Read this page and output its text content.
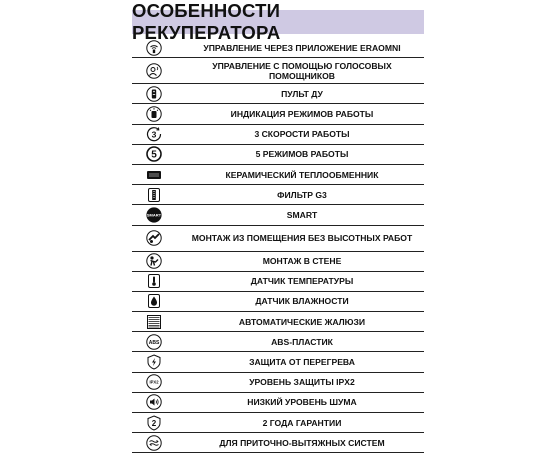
ОСОБЕННОСТИ РЕКУПЕРАТОРА
УПРАВЛЕНИЕ ЧЕРЕЗ ПРИЛОЖЕНИЕ ERAOMNI
УПРАВЛЕНИЕ С ПОМОЩЬЮ ГОЛОСОВЫХ ПОМОЩНИКОВ
ПУЛЬТ ДУ
ИНДИКАЦИЯ РЕЖИМОВ РАБОТЫ
3	3 СКОРОСТИ РАБОТЫ
5	5 РЕЖИМОВ РАБОТЫ
КЕРАМИЧЕСКИЙ ТЕПЛООБМЕННИК
ФИЛЬТР G3
SMART	SMART
МОНТАЖ ИЗ ПОМЕЩЕНИЯ БЕЗ ВЫСОТНЫХ РАБОТ
МОНТАЖ В СТЕНЕ
ДАТЧИК ТЕМПЕРАТУРЫ
ДАТЧИК ВЛАЖНОСТИ
АВТОМАТИЧЕСКИЕ ЖАЛЮЗИ
ABS	ABS-ПЛАСТИК
ЗАЩИТА ОТ ПЕРЕГРЕВА
IPX2	УРОВЕНЬ ЗАЩИТЫ IPX2
НИЗКИЙ УРОВЕНЬ ШУМА
2	2 ГОДА ГАРАНТИИ
ДЛЯ ПРИТОЧНО-ВЫТЯЖНЫХ СИСТЕМ
